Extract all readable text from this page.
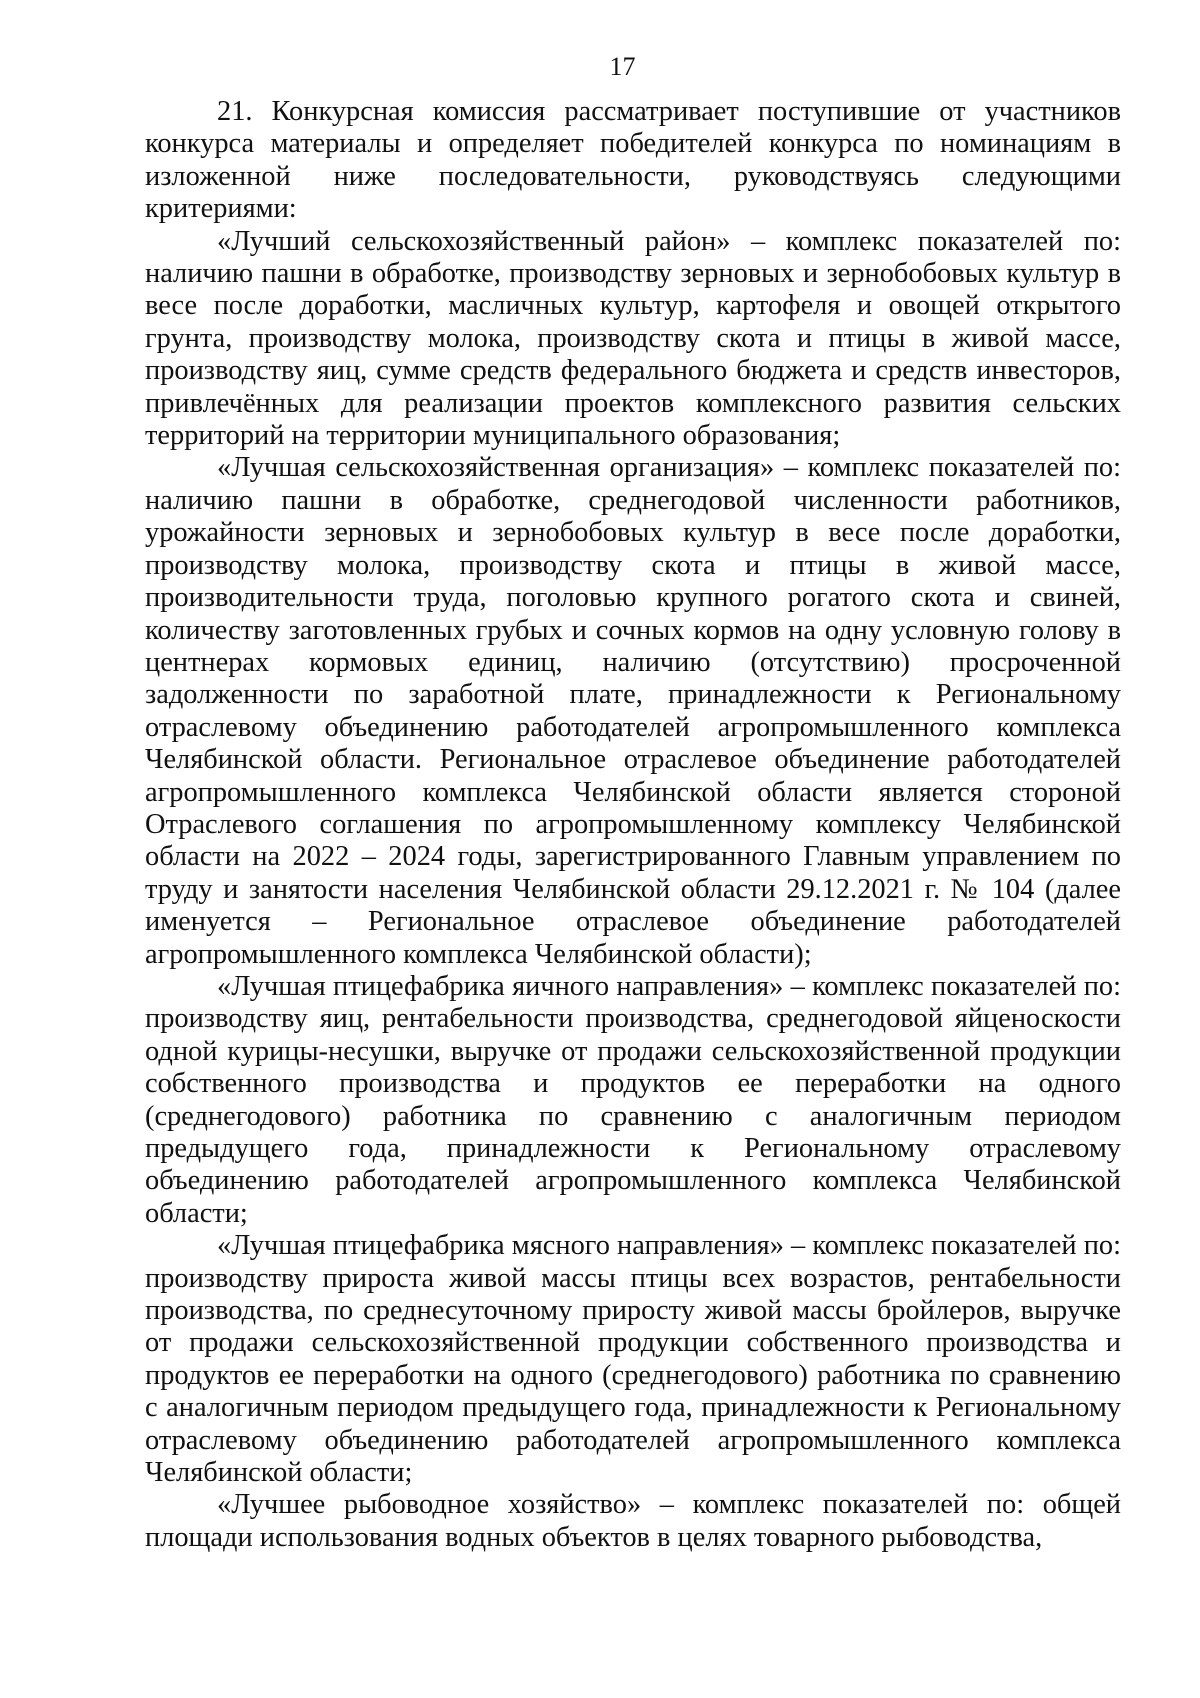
17

21. Конкурсная комиссия рассматривает поступившие от участников конкурса материалы и определяет победителей конкурса по номинациям в изложенной ниже последовательности, руководствуясь следующими критериями:

«Лучший сельскохозяйственный район» – комплекс показателей по: наличию пашни в обработке, производству зерновых и зернобобовых культур в весе после доработки, масличных культур, картофеля и овощей открытого грунта, производству молока, производству скота и птицы в живой массе, производству яиц, сумме средств федерального бюджета и средств инвесторов, привлечённых для реализации проектов комплексного развития сельских территорий на территории муниципального образования;

«Лучшая сельскохозяйственная организация» – комплекс показателей по: наличию пашни в обработке, среднегодовой численности работников, урожайности зерновых и зернобобовых культур в весе после доработки, производству молока, производству скота и птицы в живой массе, производительности труда, поголовью крупного рогатого скота и свиней, количеству заготовленных грубых и сочных кормов на одну условную голову в центнерах кормовых единиц, наличию (отсутствию) просроченной задолженности по заработной плате, принадлежности к Региональному отраслевому объединению работодателей агропромышленного комплекса Челябинской области. Региональное отраслевое объединение работодателей агропромышленного комплекса Челябинской области является стороной Отраслевого соглашения по агропромышленному комплексу Челябинской области на 2022 – 2024 годы, зарегистрированного Главным управлением по труду и занятости населения Челябинской области 29.12.2021 г. № 104 (далее именуется – Региональное отраслевое объединение работодателей агропромышленного комплекса Челябинской области);

«Лучшая птицефабрика яичного направления» – комплекс показателей по: производству яиц, рентабельности производства, среднегодовой яйценоскости одной курицы-несушки, выручке от продажи сельскохозяйственной продукции собственного производства и продуктов ее переработки на одного (среднегодового) работника по сравнению с аналогичным периодом предыдущего года, принадлежности к Региональному отраслевому объединению работодателей агропромышленного комплекса Челябинской области;

«Лучшая птицефабрика мясного направления» – комплекс показателей по: производству прироста живой массы птицы всех возрастов, рентабельности производства, по среднесуточному приросту живой массы бройлеров, выручке от продажи сельскохозяйственной продукции собственного производства и продуктов ее переработки на одного (среднегодового) работника по сравнению с аналогичным периодом предыдущего года, принадлежности к Региональному отраслевому объединению работодателей агропромышленного комплекса Челябинской области;

«Лучшее рыбоводное хозяйство» – комплекс показателей по: общей площади использования водных объектов в целях товарного рыбоводства,
